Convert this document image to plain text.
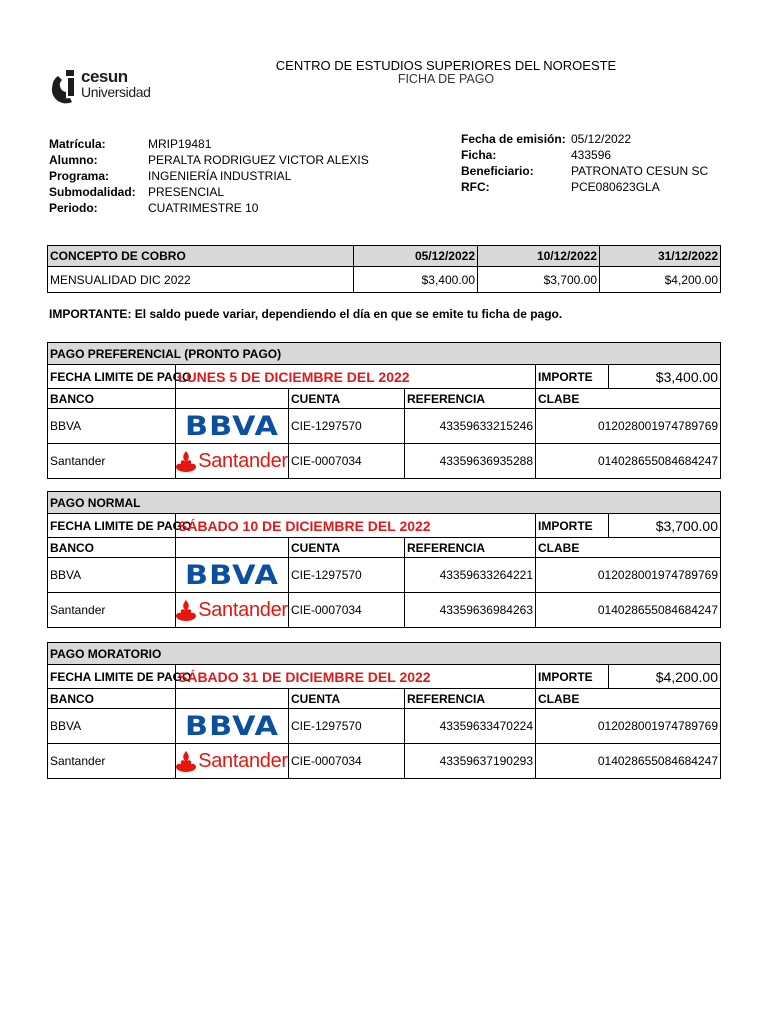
cesun
Universidad
CENTRO DE ESTUDIOS SUPERIORES DEL NOROESTE
FICHA DE PAGO
Matrícula:	MRIP19481
Alumno:	PERALTA RODRIGUEZ VICTOR ALEXIS
Programa:	INGENIERÍA INDUSTRIAL
Submodalidad: PRESENCIAL
Periodo:	CUATRIMESTRE 10
Fecha de emisión: 05/12/2022
Ficha:	433596
Beneficiario:	PATRONATO CESUN SC
RFC:	PCE080623GLA
CONCEPTO DE COBRO	05/12/2022	10/12/2022	31/12/2022
MENSUALIDAD DIC 2022	$3,400.00	$3,700.00	$4,200.00
IMPORTANTE: El saldo puede variar, dependiendo el día en que se emite tu ficha de pago.
PAGO PREFERENCIAL (PRONTO PAGO)					
FECHA LIMITE DE PAGO	LUNES 5 DE DICIEMBRE DEL 2022			IMPORTE	$3,400.00
BANCO		CUENTA	REFERENCIA	CLABE	
BBVA	BBVA	CIE-1297570	43359633215246	012028001974789769	
Santander	Santander	CIE-0007034	43359636935288	014028655084684247	
PAGO NORMAL					
FECHA LIMITE DE PAGO	SÁBADO 10 DE DICIEMBRE DEL 2022			IMPORTE	$3,700.00
BANCO		CUENTA	REFERENCIA	CLABE	
BBVA	BBVA	CIE-1297570	43359633264221	012028001974789769	
Santander	Santander	CIE-0007034	43359636984263	014028655084684247	
PAGO MORATORIO					
FECHA LIMITE DE PAGO	SÁBADO 31 DE DICIEMBRE DEL 2022			IMPORTE	$4,200.00
BANCO		CUENTA	REFERENCIA	CLABE	
BBVA	BBVA	CIE-1297570	43359633470224	012028001974789769	
Santander	Santander	CIE-0007034	43359637190293	014028655084684247	
